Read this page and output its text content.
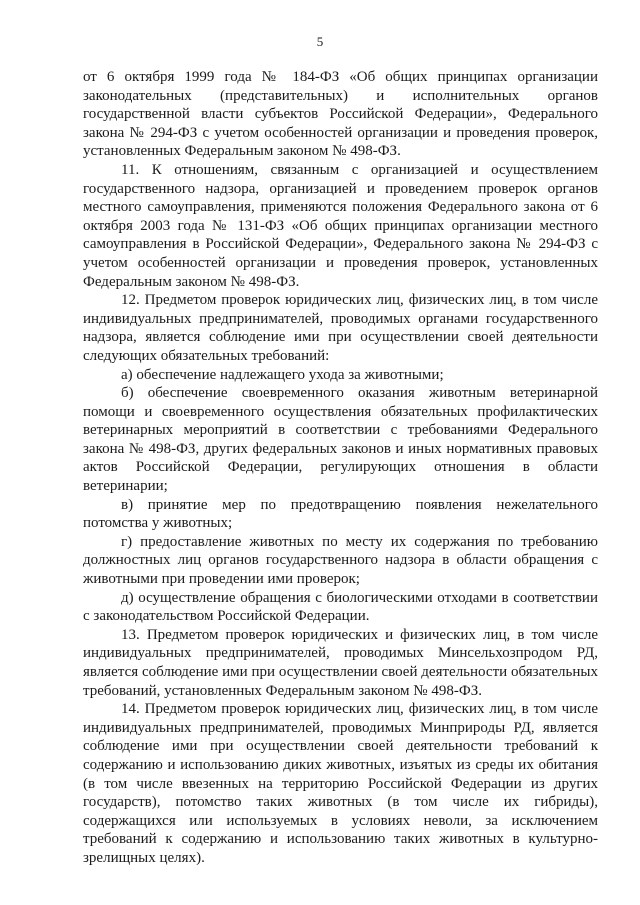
5

от 6 октября 1999 года № 184-ФЗ «Об общих принципах организации законодательных (представительных) и исполнительных органов государственной власти субъектов Российской Федерации», Федерального закона № 294-ФЗ с учетом особенностей организации и проведения проверок, установленных Федеральным законом № 498-ФЗ.

11. К отношениям, связанным с организацией и осуществлением государственного надзора, организацией и проведением проверок органов местного самоуправления, применяются положения Федерального закона от 6 октября 2003 года № 131-ФЗ «Об общих принципах организации местного самоуправления в Российской Федерации», Федерального закона № 294-ФЗ с учетом особенностей организации и проведения проверок, установленных Федеральным законом № 498-ФЗ.

12. Предметом проверок юридических лиц, физических лиц, в том числе индивидуальных предпринимателей, проводимых органами государственного надзора, является соблюдение ими при осуществлении своей деятельности следующих обязательных требований:

а) обеспечение надлежащего ухода за животными;

б) обеспечение своевременного оказания животным ветеринарной помощи и своевременного осуществления обязательных профилактических ветеринарных мероприятий в соответствии с требованиями Федерального закона № 498-ФЗ, других федеральных законов и иных нормативных правовых актов Российской Федерации, регулирующих отношения в области ветеринарии;

в) принятие мер по предотвращению появления нежелательного потомства у животных;

г) предоставление животных по месту их содержания по требованию должностных лиц органов государственного надзора в области обращения с животными при проведении ими проверок;

д) осуществление обращения с биологическими отходами в соответствии с законодательством Российской Федерации.

13. Предметом проверок юридических и физических лиц, в том числе индивидуальных предпринимателей, проводимых Минсельхозпродом РД, является соблюдение ими при осуществлении своей деятельности обязательных требований, установленных Федеральным законом № 498-ФЗ.

14. Предметом проверок юридических лиц, физических лиц, в том числе индивидуальных предпринимателей, проводимых Минприроды РД, является соблюдение ими при осуществлении своей деятельности требований к содержанию и использованию диких животных, изъятых из среды их обитания (в том числе ввезенных на территорию Российской Федерации из других государств), потомство таких животных (в том числе их гибриды), содержащихся или используемых в условиях неволи, за исключением требований к содержанию и использованию таких животных в культурно-зрелищных целях).
